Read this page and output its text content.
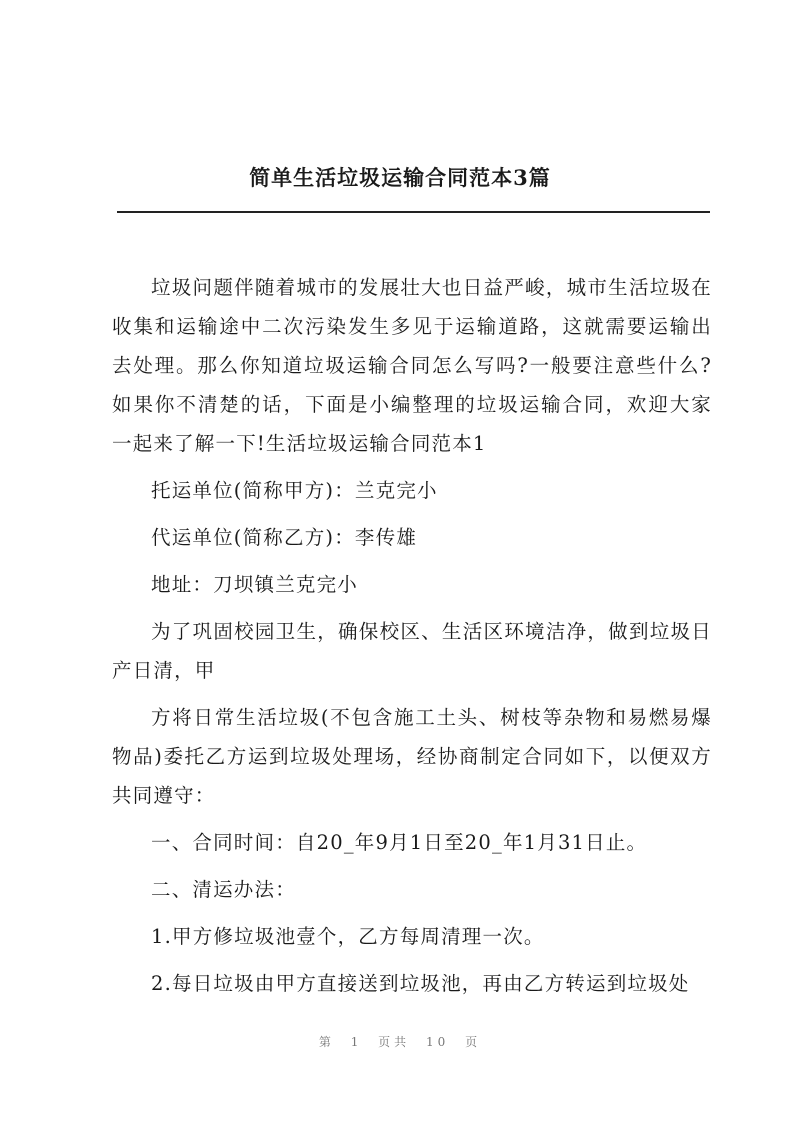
简单生活垃圾运输合同范本3篇

垃圾问题伴随着城市的发展壮大也日益严峻，城市生活垃圾在收集和运输途中二次污染发生多见于运输道路，这就需要运输出去处理。那么你知道垃圾运输合同怎么写吗?一般要注意些什么?如果你不清楚的话，下面是小编整理的垃圾运输合同，欢迎大家一起来了解一下!生活垃圾运输合同范本1

托运单位(简称甲方)：兰克完小

代运单位(简称乙方)：李传雄

地址：刀坝镇兰克完小

为了巩固校园卫生，确保校区、生活区环境洁净，做到垃圾日产日清，甲

方将日常生活垃圾(不包含施工土头、树枝等杂物和易燃易爆物品)委托乙方运到垃圾处理场，经协商制定合同如下，以便双方共同遵守：

一、合同时间：自20_年9月1日至20_年1月31日止。

二、清运办法：

1.甲方修垃圾池壹个，乙方每周清理一次。

2.每日垃圾由甲方直接送到垃圾池，再由乙方转运到垃圾处

第 1 页共 10 页
